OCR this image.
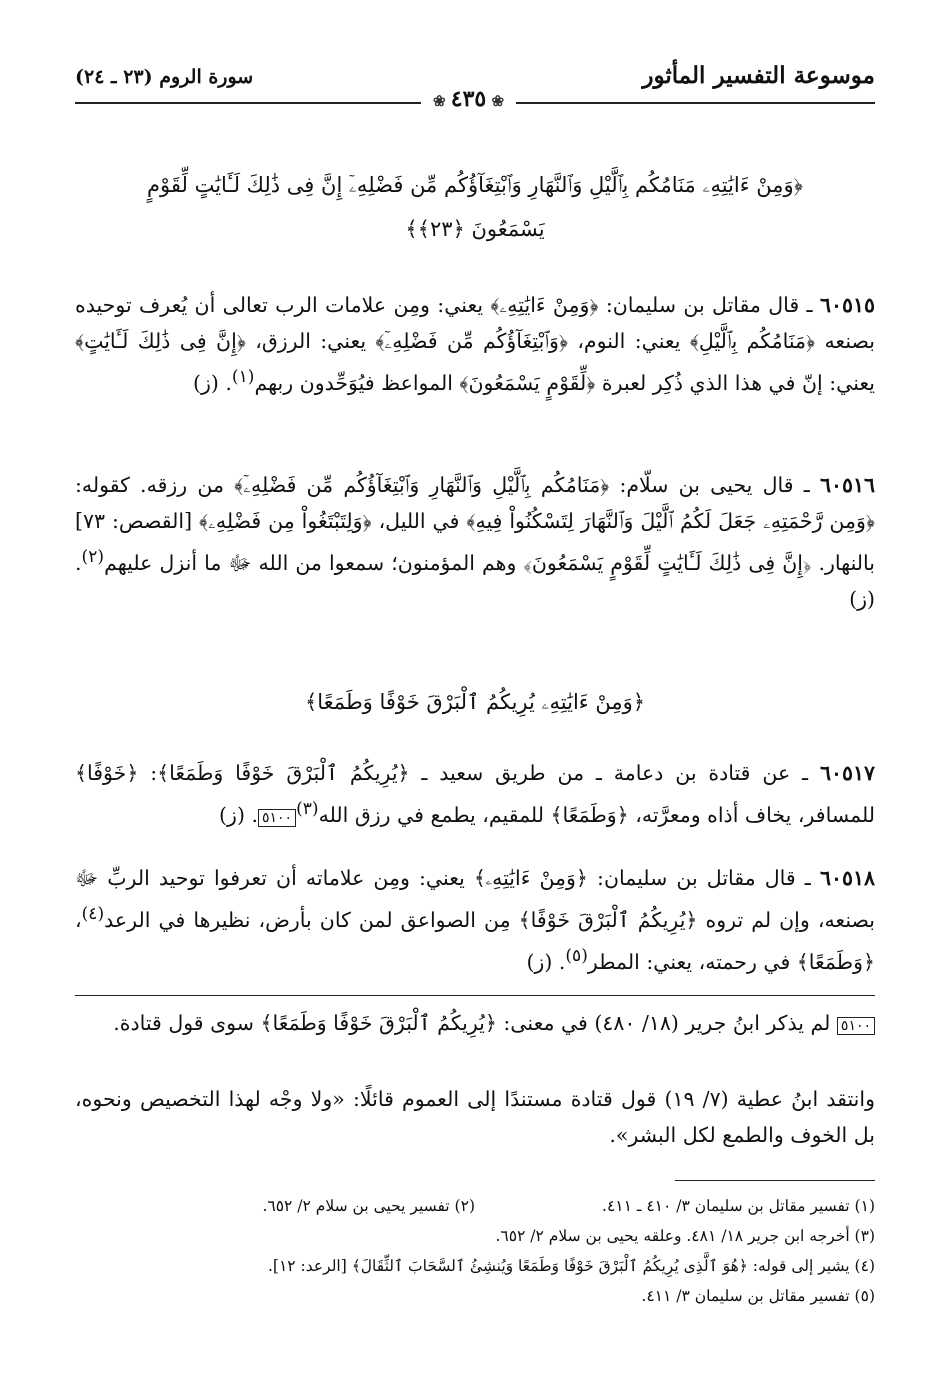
موسوعة التفسير المأثور
سورة الروم (٢٣ ـ ٢٤)
❀ ٤٣٥ ❀
﴿وَمِنْ ءَايَٰتِهِۦ مَنَامُكُم بِٱلَّيْلِ وَٱلنَّهَارِ وَٱبْتِغَآؤُكُم مِّن فَضْلِهِۦٓ إِنَّ فِى ذَٰلِكَ لَـَٔايَٰتٍ لِّقَوْمٍ
يَسْمَعُونَ ﴿٢٣﴾﴾
٦٠٥١٥ ـ قال مقاتل بن سليمان: ﴿وَمِنْ ءَايَٰتِهِۦ﴾ يعني: ومِن علامات الرب تعالى أن يُعرف توحيده بصنعه ﴿مَنَامُكُم بِٱلَّيْلِ﴾ يعني: النوم، ﴿وَٱبْتِغَآؤُكُم مِّن فَضْلِهِۦٓ﴾ يعني: الرزق، ﴿إِنَّ فِى ذَٰلِكَ لَـَٔايَٰتٍ﴾ يعني: إنّ في هذا الذي ذُكِر لعبرة ﴿لِّقَوْمٍ يَسْمَعُونَ﴾ المواعظ فيُوَحِّدون ربهم$^{(١)}$. (ز)
٦٠٥١٦ ـ قال يحيى بن سلّام: ﴿مَنَامُكُم بِٱلَّيْلِ وَٱلنَّهَارِ وَٱبْتِغَآؤُكُم مِّن فَضْلِهِۦٓ﴾ من رزقه. كقوله: ﴿وَمِن رَّحْمَتِهِۦ جَعَلَ لَكُمُ ٱلَّيْلَ وَٱلنَّهَارَ لِتَسْكُنُواْ فِيهِ﴾ في الليل، ﴿وَلِتَبْتَغُواْ مِن فَضْلِهِۦ﴾ [القصص: ٧٣] بالنهار. ﴿إِنَّ فِى ذَٰلِكَ لَـَٔايَٰتٍ لِّقَوْمٍ يَسْمَعُونَ﴾ وهم المؤمنون؛ سمعوا من الله ﷻ ما أنزل عليهم$^{(٢)}$. (ز)
﴿وَمِنْ ءَايَٰتِهِۦ يُرِيكُمُ ٱلْبَرْقَ خَوْفًا وَطَمَعًا﴾
٦٠٥١٧ ـ عن قتادة بن دعامة ـ من طريق سعيد ـ ﴿يُرِيكُمُ ٱلْبَرْقَ خَوْفًا وَطَمَعًا﴾: ﴿خَوْفًا﴾ للمسافر، يخاف أذاه ومعرَّته، ﴿وَطَمَعًا﴾ للمقيم، يطمع في رزق الله$^{(٣)}$٥١٠٠. (ز)
٦٠٥١٨ ـ قال مقاتل بن سليمان: ﴿وَمِنْ ءَايَٰتِهِۦ﴾ يعني: ومِن علاماته أن تعرفوا توحيد الربِّ ﷻ بصنعه، وإن لم تروه ﴿يُرِيكُمُ ٱلْبَرْقَ خَوْفًا﴾ مِن الصواعق لمن كان بأرض، نظيرها في الرعد$^{(٤)}$، ﴿وَطَمَعًا﴾ في رحمته، يعني: المطر$^{(٥)}$. (ز)
٥١٠٠ لم يذكر ابنُ جرير (١٨/ ٤٨٠) في معنى: ﴿يُرِيكُمُ ٱلْبَرْقَ خَوْفًا وَطَمَعًا﴾ سوى قول قتادة.
وانتقد ابنُ عطية (٧/ ١٩) قول قتادة مستندًا إلى العموم قائلًا: «ولا وجْه لهذا التخصيص ونحوه، بل الخوف والطمع لكل البشر».
(١) تفسير مقاتل بن سليمان ٣/ ٤١٠ ـ ٤١١.(٢) تفسير يحيى بن سلام ٢/ ٦٥٢.
(٣) أخرجه ابن جرير ١٨/ ٤٨١. وعلقه يحيى بن سلام ٢/ ٦٥٢.
(٤) يشير إلى قوله: ﴿هُوَ ٱلَّذِى يُرِيكُمُ ٱلْبَرْقَ خَوْفًا وَطَمَعًا وَيُنشِئُ ٱلسَّحَابَ ٱلثِّقَالَ﴾ [الرعد: ١٢].
(٥) تفسير مقاتل بن سليمان ٣/ ٤١١.
